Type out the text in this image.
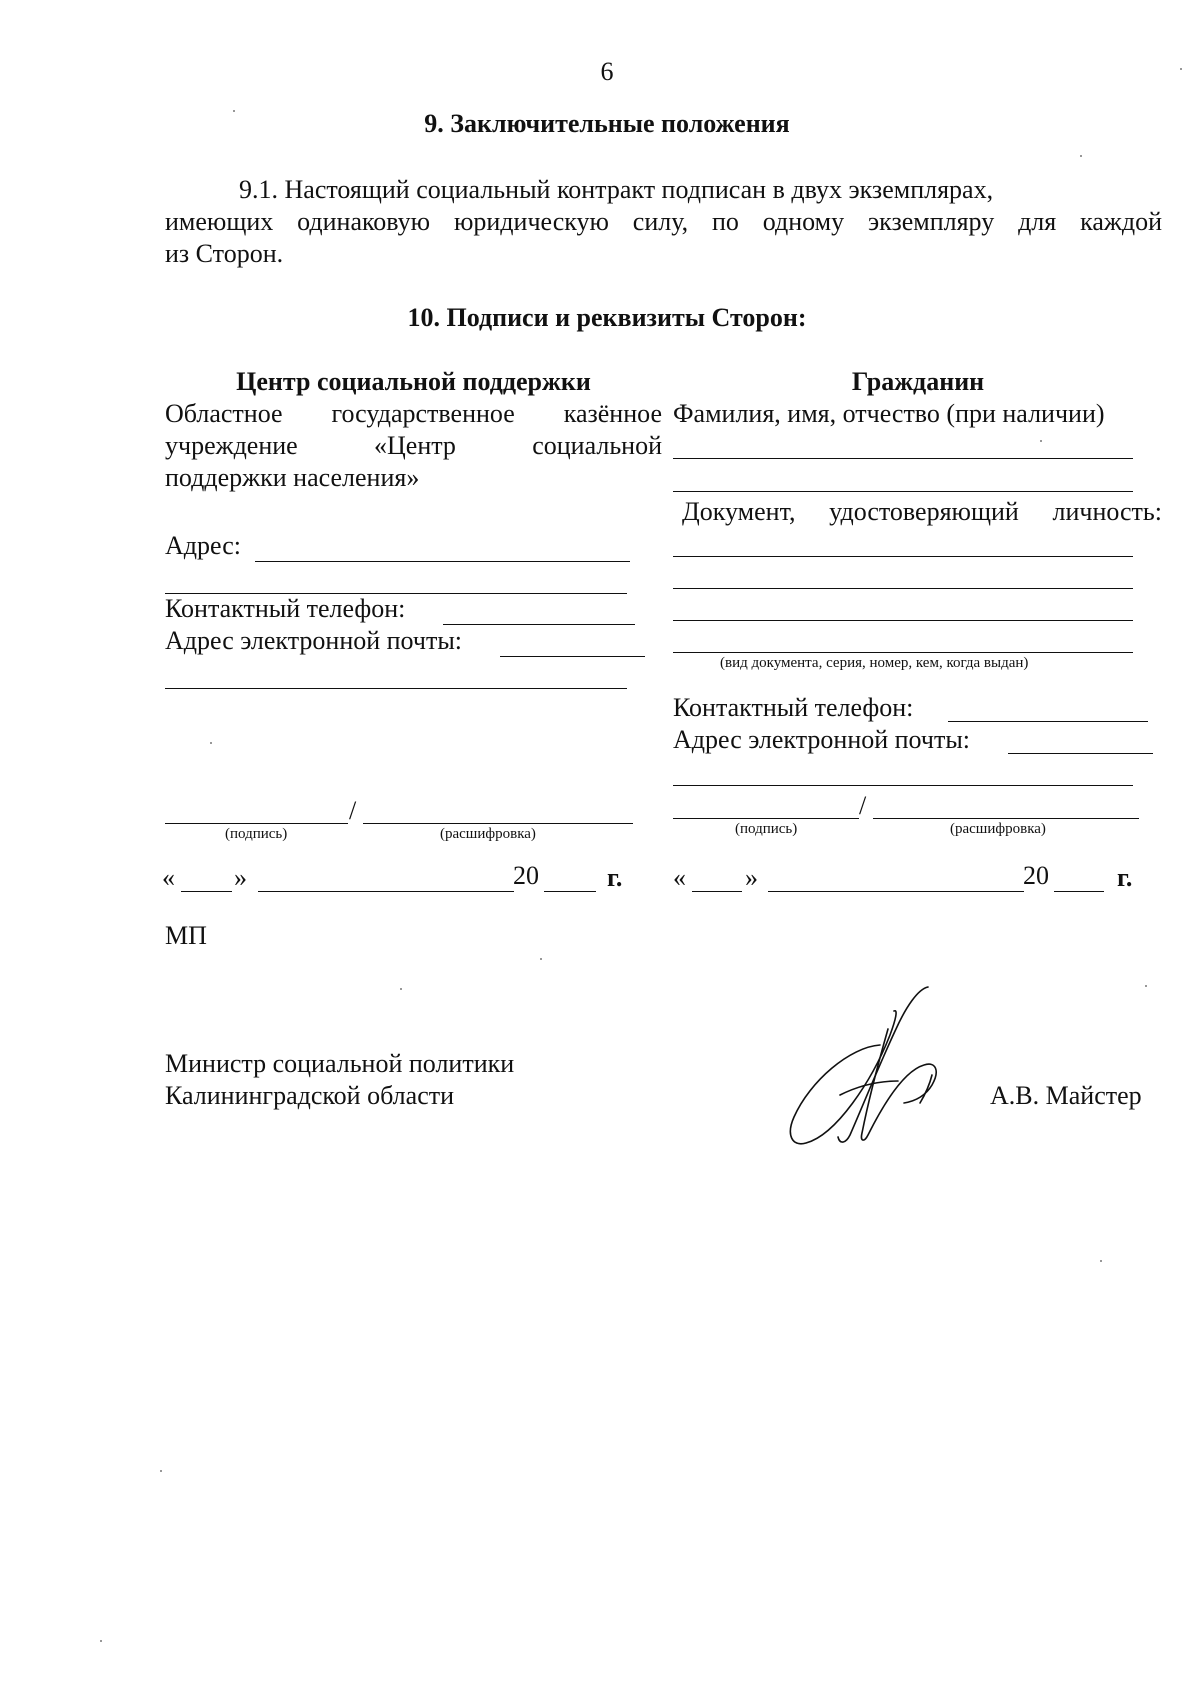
6
9. Заключительные положения
9.1. Настоящий социальный контракт подписан в двух экземплярах,
имеющих одинаковую юридическую силу, по одному экземпляру для каждой
из Сторон.
10. Подписи и реквизиты Сторон:
Центр социальной поддержки
Областное государственное казённое
учреждение	«Центр	социальной
поддержки населения»
Адрес:
Контактный телефон:
Адрес электронной почты:
/
(подпись)	(расшифровка)
« »	20	г.
МП
Гражданин
Фамилия, имя, отчество (при наличии)
Документ, удостоверяющий личность:
(вид документа, серия, номер, кем, когда выдан)
Контактный телефон:
Адрес электронной почты:
/
(подпись)	(расшифровка)
« »	20	г.
Министр социальной политики
Калининградской области	А.В. Майстер
